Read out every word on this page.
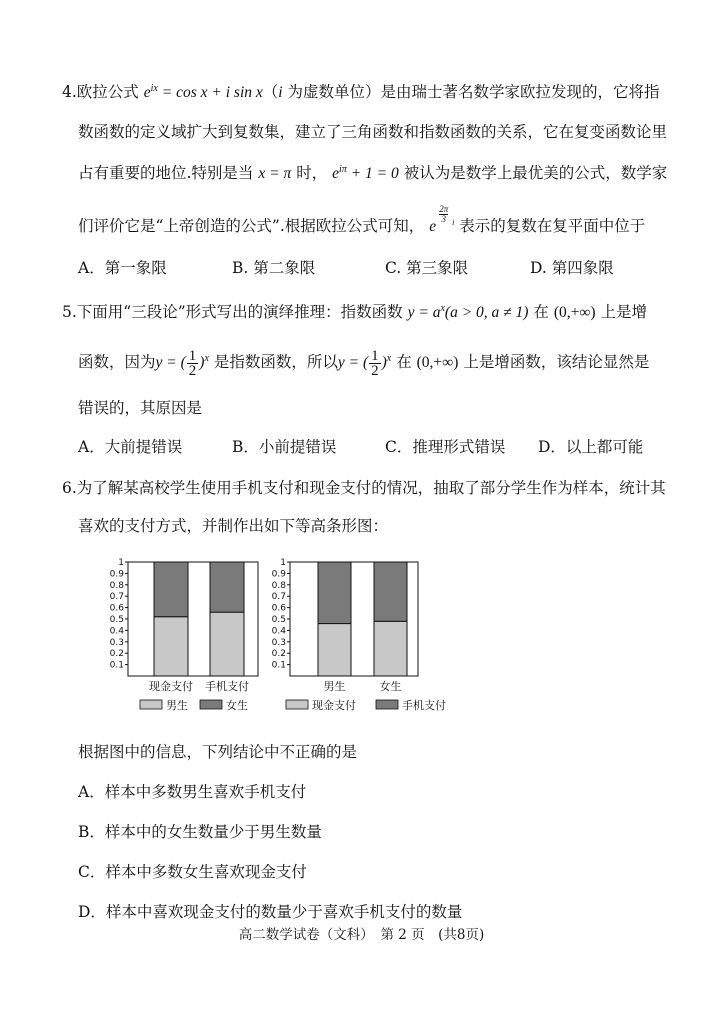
4.欧拉公式 $e^{ix} = \cos x + i$ sin x（i 为虚数单位）是由瑞士著名数学家欧拉发现的，它将指
数函数的定义域扩大到复数集，建立了三角函数和指数函数的关系，它在复变函数论里
占有重要的地位.特别是当 x = π 时， $e^{i\pi} + 1 = 0$ 被认为是数学上最优美的公式，数学家
们评价它是“上帝创造的公式”.根据欧拉公式可知， e
2π
3 $^i$ 表示的复数在复平面中位于
A．第一象限	B. 第二象限	C. 第三象限	D. 第四象限
5.下面用“三段论”形式写出的演绎推理：指数函数 $y = a^x(a > 0$, a ≠ 1) 在 (0,+∞) 上是增
函数，因为y = ( $\frac{1}{2} )^x$ 是指数函数，所以y = ( $\frac{1}{2} )^x$ 在 (0,+∞) 上是增函数，该结论显然是
错误的，其原因是
A．大前提错误	B．小前提错误	C．推理形式错误 D．以上都可能
6.为了解某高校学生使用手机支付和现金支付的情况，抽取了部分学生作为样本，统计其
喜欢的支付方式，并制作出如下等高条形图：
0.1
0.2
0.3
0.4
0.5
0.6
0.7
0.8
0.9
1
现金支付 手机支付
男生	女生
0.1
0.2
0.3
0.4
0.5
0.6
0.7
0.8
0.9
1
男生	女生
现金支付	手机支付
根据图中的信息，下列结论中不正确的是
A．样本中多数男生喜欢手机支付
B．样本中的女生数量少于男生数量
C．样本中多数女生喜欢现金支付
D．样本中喜欢现金支付的数量少于喜欢手机支付的数量
高二数学试卷（文科）　第 2 页　(共8页)
